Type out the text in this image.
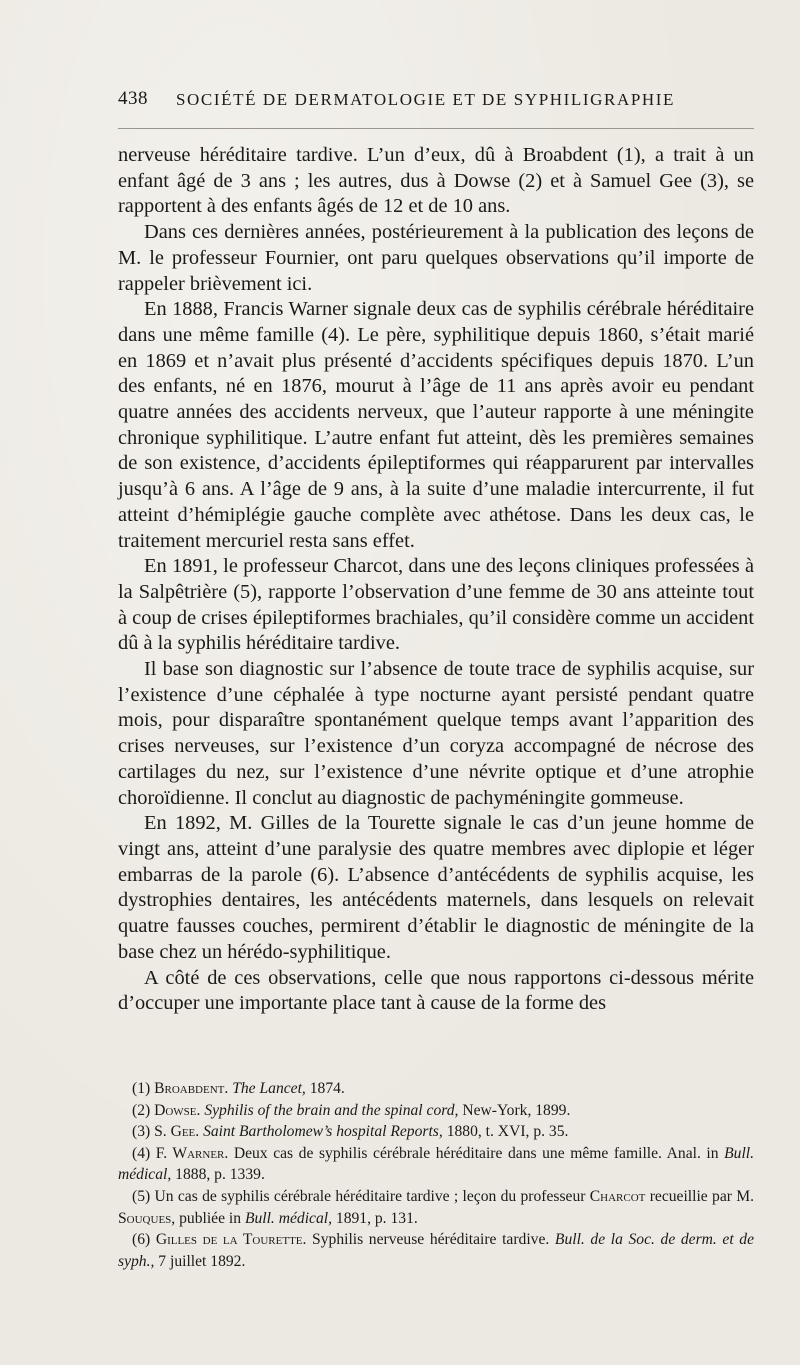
438 SOCIÉTÉ DE DERMATOLOGIE ET DE SYPHILIGRAPHIE

nerveuse héréditaire tardive. L’un d’eux, dû à Broabdent (1), a trait à un enfant âgé de 3 ans ; les autres, dus à Dowse (2) et à Samuel Gee (3), se rapportent à des enfants âgés de 12 et de 10 ans.

Dans ces dernières années, postérieurement à la publication des leçons de M. le professeur Fournier, ont paru quelques observations qu’il importe de rappeler brièvement ici.

En 1888, Francis Warner signale deux cas de syphilis cérébrale héréditaire dans une même famille (4). Le père, syphilitique depuis 1860, s’était marié en 1869 et n’avait plus présenté d’accidents spécifiques depuis 1870. L’un des enfants, né en 1876, mourut à l’âge de 11 ans après avoir eu pendant quatre années des accidents nerveux, que l’auteur rapporte à une méningite chronique syphilitique. L’autre enfant fut atteint, dès les premières semaines de son existence, d’accidents épileptiformes qui réapparurent par intervalles jusqu’à 6 ans. A l’âge de 9 ans, à la suite d’une maladie intercurrente, il fut atteint d’hémiplégie gauche complète avec athétose. Dans les deux cas, le traitement mercuriel resta sans effet.

En 1891, le professeur Charcot, dans une des leçons cliniques professées à la Salpêtrière (5), rapporte l’observation d’une femme de 30 ans atteinte tout à coup de crises épileptiformes brachiales, qu’il considère comme un accident dû à la syphilis héréditaire tardive.

Il base son diagnostic sur l’absence de toute trace de syphilis acquise, sur l’existence d’une céphalée à type nocturne ayant persisté pendant quatre mois, pour disparaître spontanément quelque temps avant l’apparition des crises nerveuses, sur l’existence d’un coryza accompagné de nécrose des cartilages du nez, sur l’existence d’une névrite optique et d’une atrophie choroïdienne. Il conclut au diagnostic de pachyméningite gommeuse.

En 1892, M. Gilles de la Tourette signale le cas d’un jeune homme de vingt ans, atteint d’une paralysie des quatre membres avec diplopie et léger embarras de la parole (6). L’absence d’antécédents de syphilis acquise, les dystrophies dentaires, les antécédents maternels, dans lesquels on relevait quatre fausses couches, permirent d’établir le diagnostic de méningite de la base chez un hérédo-syphilitique.

A côté de ces observations, celle que nous rapportons ci-dessous mérite d’occuper une importante place tant à cause de la forme des

(1) Broabdent. The Lancet, 1874.

(2) Dowse. Syphilis of the brain and the spinal cord, New-York, 1899.

(3) S. Gee. Saint Bartholomew’s hospital Reports, 1880, t. XVI, p. 35.

(4) F. Warner. Deux cas de syphilis cérébrale héréditaire dans une même famille. Anal. in Bull. médical, 1888, p. 1339.

(5) Un cas de syphilis cérébrale héréditaire tardive ; leçon du professeur Charcot recueillie par M. Souques, publiée in Bull. médical, 1891, p. 131.

(6) Gilles de la Tourette. Syphilis nerveuse héréditaire tardive. Bull. de la Soc. de derm. et de syph., 7 juillet 1892.
